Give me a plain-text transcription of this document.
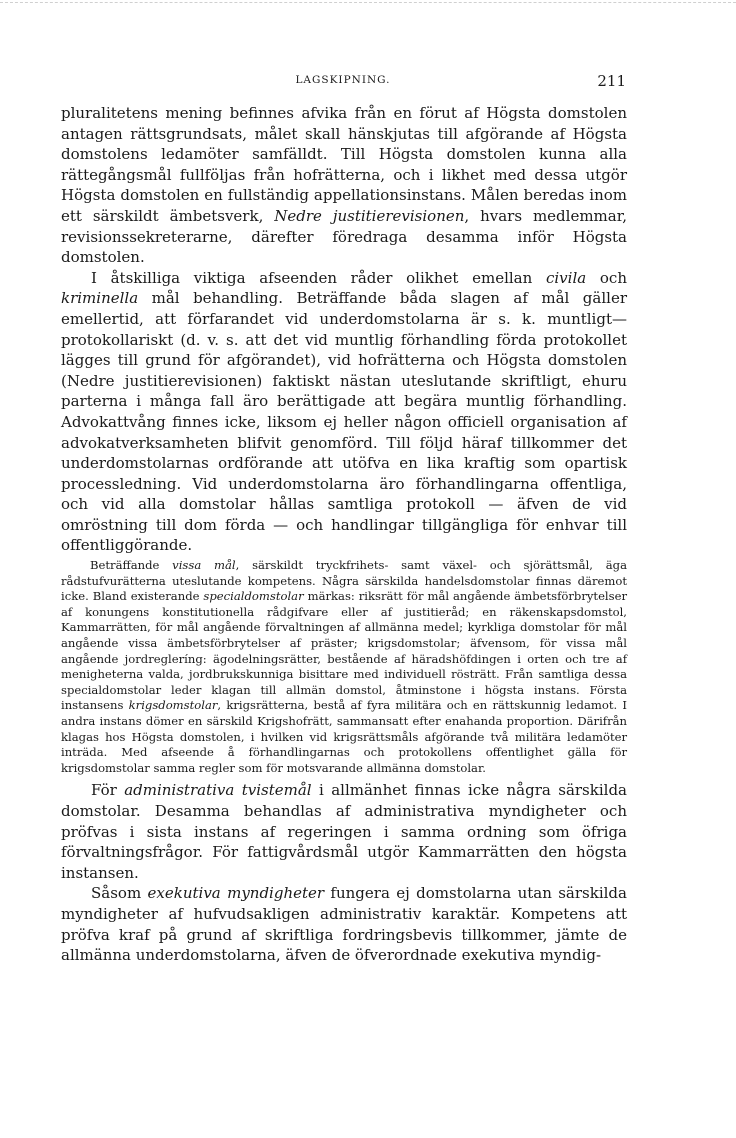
LAGSKIPNING.	211

pluralitetens mening befinnes afvika från en förut af Högsta domstolen antagen rättsgrundsats, målet skall hänskjutas till afgörande af Högsta domstolens ledamöter samfälldt. Till Högsta domstolen kunna alla rättegångsmål fullföljas från hofrätterna, och i likhet med dessa utgör Högsta domstolen en fullständig appellationsinstans. Målen beredas inom ett särskildt ämbetsverk, Nedre justitierevisionen, hvars medlemmar, revisionssekreterarne, därefter föredraga desamma inför Högsta domstolen.

I åtskilliga viktiga afseenden råder olikhet emellan civila och kriminella mål behandling. Beträffande båda slagen af mål gäller emellertid, att förfarandet vid underdomstolarna är s. k. muntligt—protokollariskt (d. v. s. att det vid muntlig förhandling förda protokollet lägges till grund för afgörandet), vid hofrätterna och Högsta domstolen (Nedre justitierevisionen) faktiskt nästan uteslutande skriftligt, ehuru parterna i många fall äro berättigade att begära muntlig förhandling. Advokattvång finnes icke, liksom ej heller någon officiell organisation af advokatverksamheten blifvit genomförd. Till följd häraf tillkommer det underdomstolarnas ordförande att utöfva en lika kraftig som opartisk processledning. Vid underdomstolarna äro förhandlingarna offentliga, och vid alla domstolar hållas samtliga protokoll — äfven de vid omröstning till dom förda — och handlingar tillgängliga för enhvar till offentliggörande.

Beträffande vissa mål, särskildt tryckfrihets- samt växel- och sjörättsmål, äga rådstufvurätterna uteslutande kompetens. Några särskilda handelsdomstolar finnas däremot icke. Bland existerande specialdomstolar märkas: riksrätt för mål angående ämbetsförbrytelser af konungens konstitutionella rådgifvare eller af justitieråd; en räkenskapsdomstol, Kammarrätten, för mål angående förvaltningen af allmänna medel; kyrkliga domstolar för mål angående vissa ämbetsförbrytelser af präster; krigsdomstolar; äfvensom, för vissa mål angående jordregleríng: ägodelningsrätter, bestående af häradshöfdingen i orten och tre af menigheterna valda, jordbrukskunniga bisittare med individuell rösträtt. Från samtliga dessa specialdomstolar leder klagan till allmän domstol, åtminstone i högsta instans. Första instansens krigsdomstolar, krigsrätterna, bestå af fyra militära och en rättskunnig ledamot. I andra instans dömer en särskild Krigshofrätt, sammansatt efter enahanda proportion. Därifrån klagas hos Högsta domstolen, i hvilken vid krigsrättsmåls afgörande två militära ledamöter inträda. Med afseende å förhandlingarnas och protokollens offentlighet gälla för krigsdomstolar samma regler som för motsvarande allmänna domstolar.

För administrativa tvistemål i allmänhet finnas icke några särskilda domstolar. Desamma behandlas af administrativa myndigheter och pröfvas i sista instans af regeringen i samma ordning som öfriga förvaltningsfrågor. För fattigvårdsmål utgör Kammarrätten den högsta instansen.

Såsom exekutiva myndigheter fungera ej domstolarna utan särskilda myndigheter af hufvudsakligen administrativ karaktär. Kompetens att pröfva kraf på grund af skriftliga fordringsbevis tillkommer, jämte de allmänna underdomstolarna, äfven de öfverordnade exekutiva myndig-
